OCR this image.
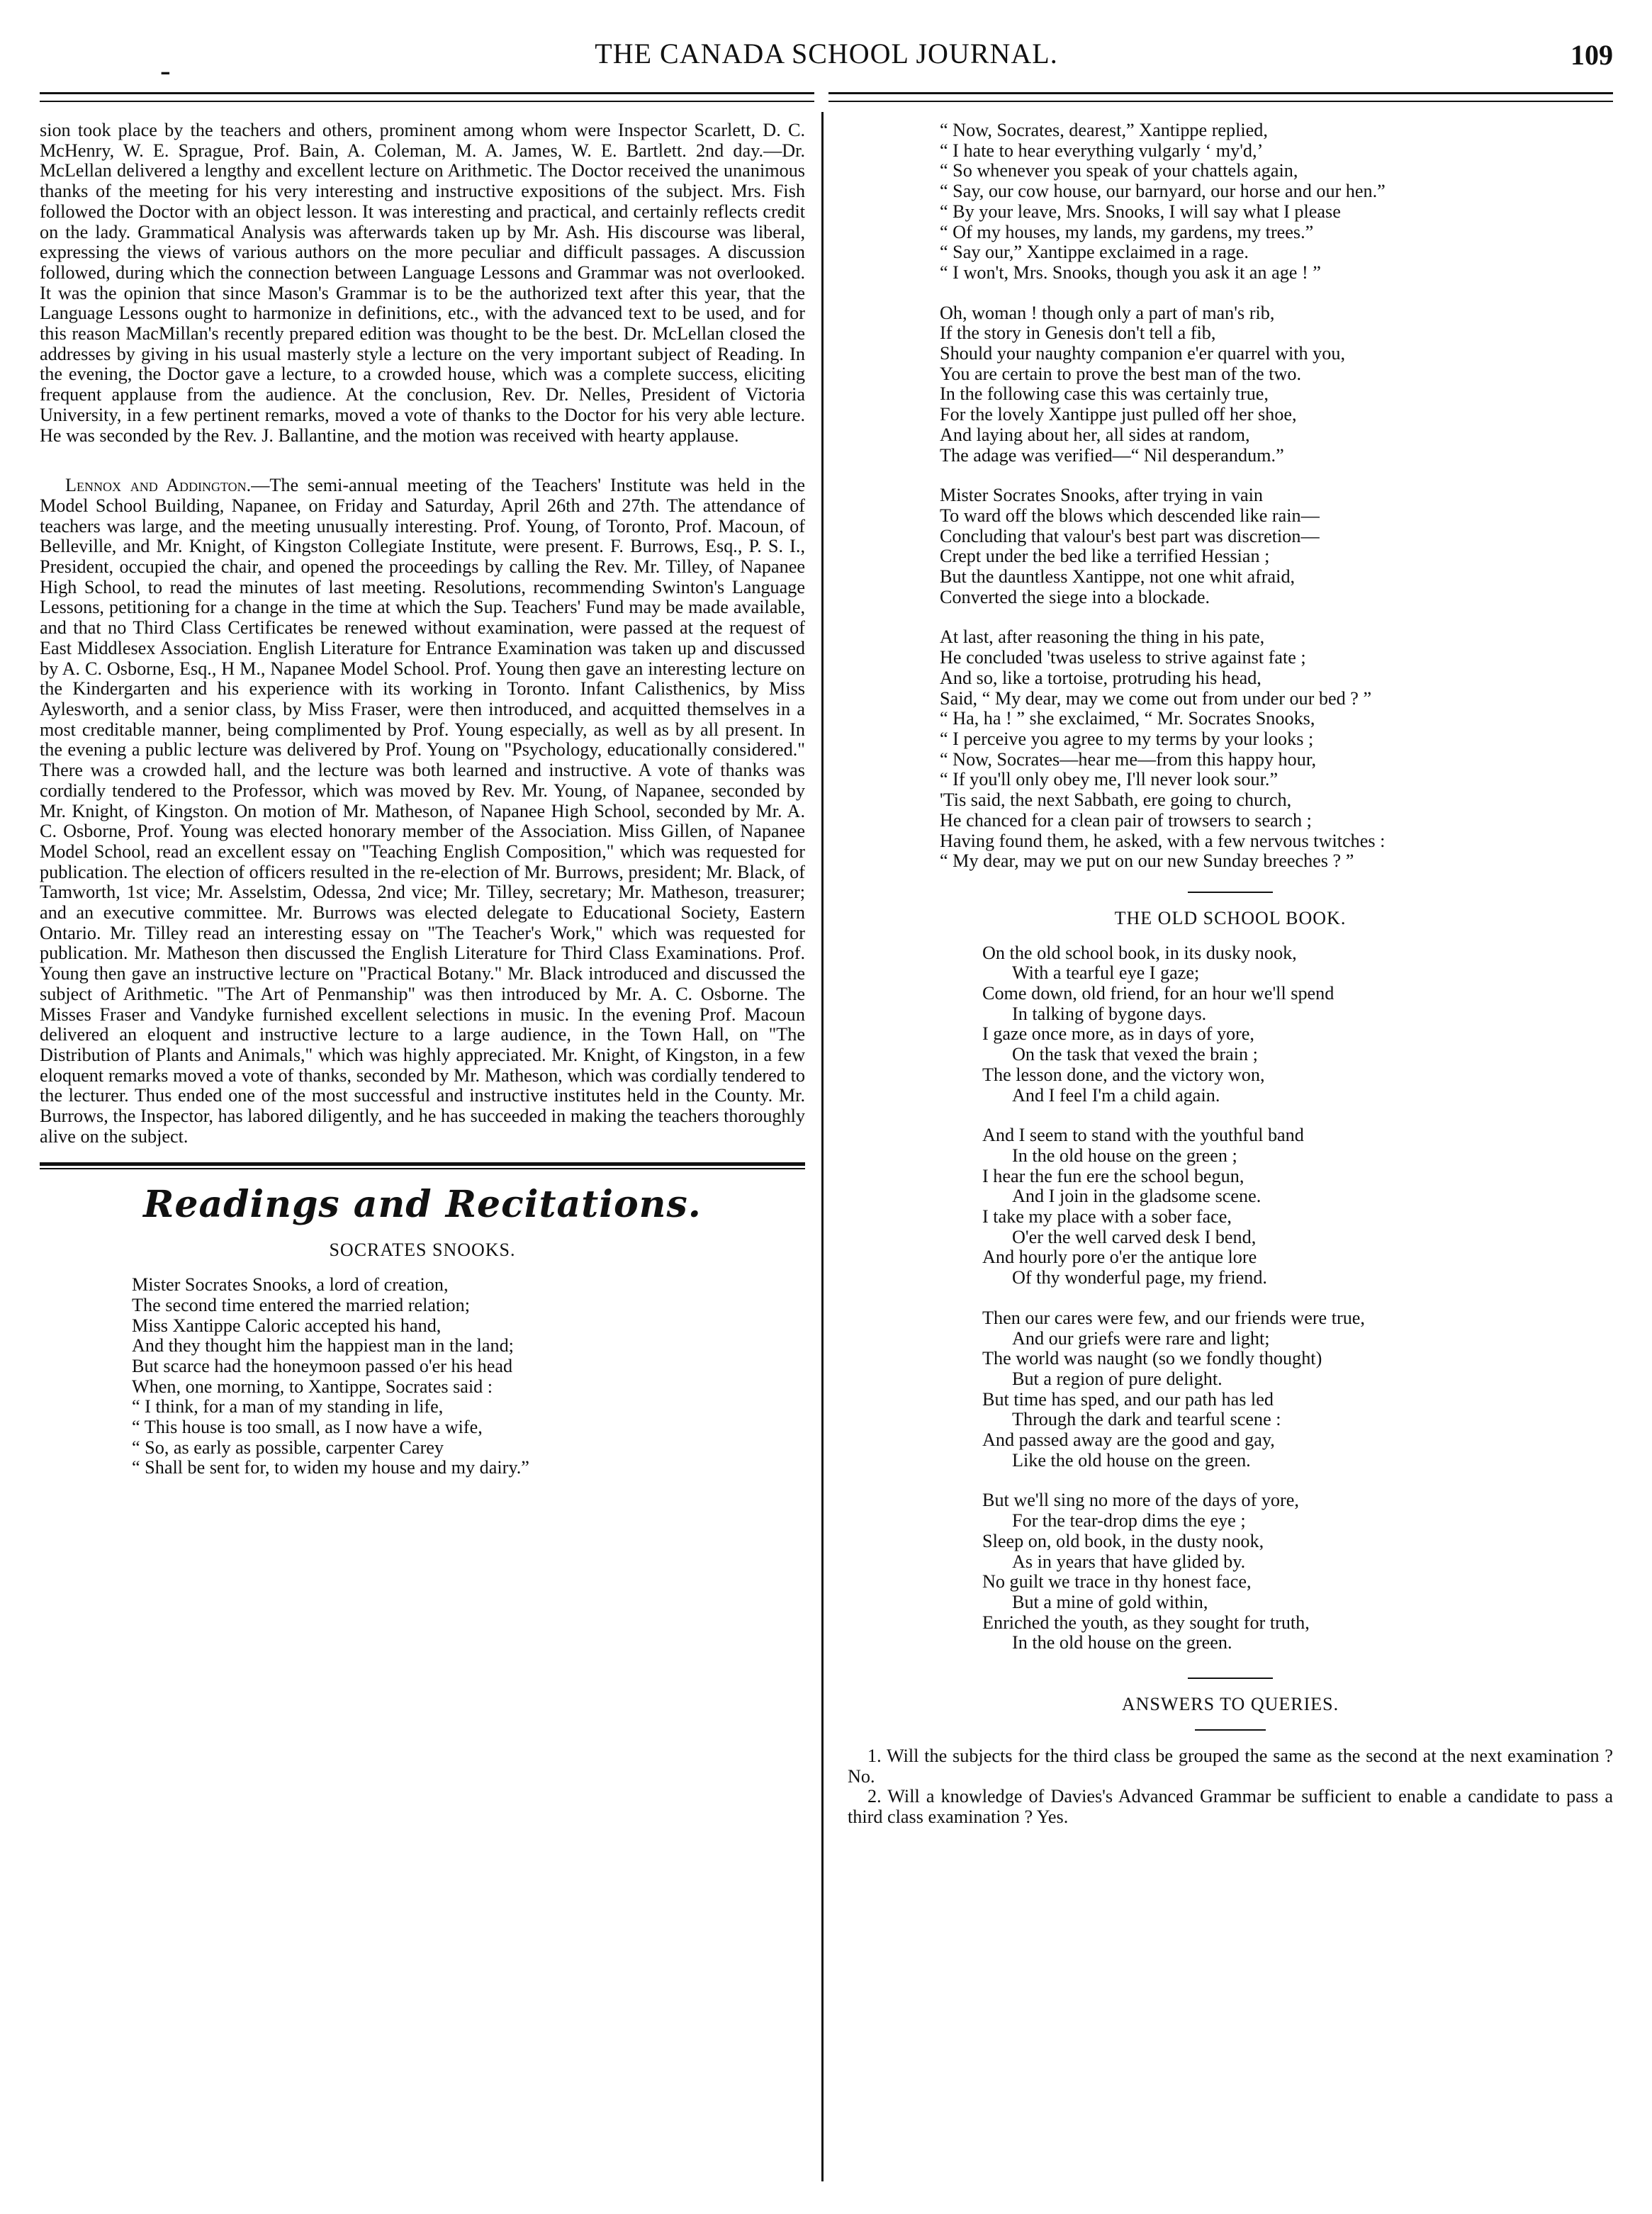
-	THE CANADA SCHOOL JOURNAL.	109

sion took place by the teachers and others, prominent among whom were Inspector Scarlett, D. C. McHenry, W. E. Sprague, Prof. Bain, A. Coleman, M. A. James, W. E. Bartlett. 2nd day.—Dr. McLellan delivered a lengthy and excellent lecture on Arithmetic. The Doctor received the unanimous thanks of the meeting for his very interesting and instructive expositions of the subject. Mrs. Fish followed the Doctor with an object lesson. It was interesting and practical, and certainly reflects credit on the lady. Grammatical Analysis was afterwards taken up by Mr. Ash. His discourse was liberal, expressing the views of various authors on the more peculiar and difficult passages. A discussion followed, during which the connection between Language Lessons and Grammar was not overlooked. It was the opinion that since Mason's Grammar is to be the authorized text after this year, that the Language Lessons ought to harmonize in definitions, etc., with the advanced text to be used, and for this reason MacMillan's recently prepared edition was thought to be the best. Dr. McLellan closed the addresses by giving in his usual masterly style a lecture on the very important subject of Reading. In the evening, the Doctor gave a lecture, to a crowded house, which was a complete success, eliciting frequent applause from the audience. At the conclusion, Rev. Dr. Nelles, President of Victoria University, in a few pertinent remarks, moved a vote of thanks to the Doctor for his very able lecture. He was seconded by the Rev. J. Ballantine, and the motion was received with hearty applause.

Lennox and Addington.—The semi-annual meeting of the Teachers' Institute was held in the Model School Building, Napanee, on Friday and Saturday, April 26th and 27th. The attendance of teachers was large, and the meeting unusually interesting. Prof. Young, of Toronto, Prof. Macoun, of Belleville, and Mr. Knight, of Kingston Collegiate Institute, were present. F. Burrows, Esq., P. S. I., President, occupied the chair, and opened the proceedings by calling the Rev. Mr. Tilley, of Napanee High School, to read the minutes of last meeting. Resolutions, recommending Swinton's Language Lessons, petitioning for a change in the time at which the Sup. Teachers' Fund may be made available, and that no Third Class Certificates be renewed without examination, were passed at the request of East Middlesex Association. English Literature for Entrance Examination was taken up and discussed by A. C. Osborne, Esq., H M., Napanee Model School. Prof. Young then gave an interesting lecture on the Kindergarten and his experience with its working in Toronto. Infant Calisthenics, by Miss Aylesworth, and a senior class, by Miss Fraser, were then introduced, and acquitted themselves in a most creditable manner, being complimented by Prof. Young especially, as well as by all present. In the evening a public lecture was delivered by Prof. Young on "Psychology, educationally considered." There was a crowded hall, and the lecture was both learned and instructive. A vote of thanks was cordially tendered to the Professor, which was moved by Rev. Mr. Young, of Napanee, seconded by Mr. Knight, of Kingston. On motion of Mr. Matheson, of Napanee High School, seconded by Mr. A. C. Osborne, Prof. Young was elected honorary member of the Association. Miss Gillen, of Napanee Model School, read an excellent essay on "Teaching English Composition," which was requested for publication. The election of officers resulted in the re-election of Mr. Burrows, president; Mr. Black, of Tamworth, 1st vice; Mr. Asselstim, Odessa, 2nd vice; Mr. Tilley, secretary; Mr. Matheson, treasurer; and an executive committee. Mr. Burrows was elected delegate to Educational Society, Eastern Ontario. Mr. Tilley read an interesting essay on "The Teacher's Work," which was requested for publication. Mr. Matheson then discussed the English Literature for Third Class Examinations. Prof. Young then gave an instructive lecture on "Practical Botany." Mr. Black introduced and discussed the subject of Arithmetic. "The Art of Penmanship" was then introduced by Mr. A. C. Osborne. The Misses Fraser and Vandyke furnished excellent selections in music. In the evening Prof. Macoun delivered an eloquent and instructive lecture to a large audience, in the Town Hall, on "The Distribution of Plants and Animals," which was highly appreciated. Mr. Knight, of Kingston, in a few eloquent remarks moved a vote of thanks, seconded by Mr. Matheson, which was cordially tendered to the lecturer. Thus ended one of the most successful and instructive institutes held in the County. Mr. Burrows, the Inspector, has labored diligently, and he has succeeded in making the teachers thoroughly alive on the subject.

Readings and Recitations.
SOCRATES SNOOKS.
Mister Socrates Snooks, a lord of creation,
The second time entered the married relation;
Miss Xantippe Caloric accepted his hand,
And they thought him the happiest man in the land;
But scarce had the honeymoon passed o'er his head
When, one morning, to Xantippe, Socrates said :
“ I think, for a man of my standing in life,
“ This house is too small, as I now have a wife,
“ So, as early as possible, carpenter Carey
“ Shall be sent for, to widen my house and my dairy.”
“ Now, Socrates, dearest,” Xantippe replied,
“ I hate to hear everything vulgarly ‘ my'd,’
“ So whenever you speak of your chattels again,
“ Say, our cow house, our barnyard, our horse and our hen.”
“ By your leave, Mrs. Snooks, I will say what I please
“ Of my houses, my lands, my gardens, my trees.”
“ Say our,” Xantippe exclaimed in a rage.
“ I won't, Mrs. Snooks, though you ask it an age ! ”
Oh, woman ! though only a part of man's rib,
If the story in Genesis don't tell a fib,
Should your naughty companion e'er quarrel with you,
You are certain to prove the best man of the two.
In the following case this was certainly true,
For the lovely Xantippe just pulled off her shoe,
And laying about her, all sides at random,
The adage was verified—“ Nil desperandum.”
Mister Socrates Snooks, after trying in vain
To ward off the blows which descended like rain—
Concluding that valour's best part was discretion—
Crept under the bed like a terrified Hessian ;
But the dauntless Xantippe, not one whit afraid,
Converted the siege into a blockade.
At last, after reasoning the thing in his pate,
He concluded 'twas useless to strive against fate ;
And so, like a tortoise, protruding his head,
Said, “ My dear, may we come out from under our bed ? ”
“ Ha, ha ! ” she exclaimed, “ Mr. Socrates Snooks,
“ I perceive you agree to my terms by your looks ;
“ Now, Socrates—hear me—from this happy hour,
“ If you'll only obey me, I'll never look sour.”
'Tis said, the next Sabbath, ere going to church,
He chanced for a clean pair of trowsers to search ;
Having found them, he asked, with a few nervous twitches :
“ My dear, may we put on our new Sunday breeches ? ”
THE OLD SCHOOL BOOK.
On the old school book, in its dusky nook,
With a tearful eye I gaze;
Come down, old friend, for an hour we'll spend
In talking of bygone days.
I gaze once more, as in days of yore,
On the task that vexed the brain ;
The lesson done, and the victory won,
And I feel I'm a child again.
And I seem to stand with the youthful band
In the old house on the green ;
I hear the fun ere the school begun,
And I join in the gladsome scene.
I take my place with a sober face,
O'er the well carved desk I bend,
And hourly pore o'er the antique lore
Of thy wonderful page, my friend.
Then our cares were few, and our friends were true,
And our griefs were rare and light;
The world was naught (so we fondly thought)
But a region of pure delight.
But time has sped, and our path has led
Through the dark and tearful scene :
And passed away are the good and gay,
Like the old house on the green.
But we'll sing no more of the days of yore,
For the tear-drop dims the eye ;
Sleep on, old book, in the dusty nook,
As in years that have glided by.
No guilt we trace in thy honest face,
But a mine of gold within,
Enriched the youth, as they sought for truth,
In the old house on the green.
ANSWERS TO QUERIES.

1. Will the subjects for the third class be grouped the same as the second at the next examination ? No.

2. Will a knowledge of Davies's Advanced Grammar be sufficient to enable a candidate to pass a third class examination ? Yes.
